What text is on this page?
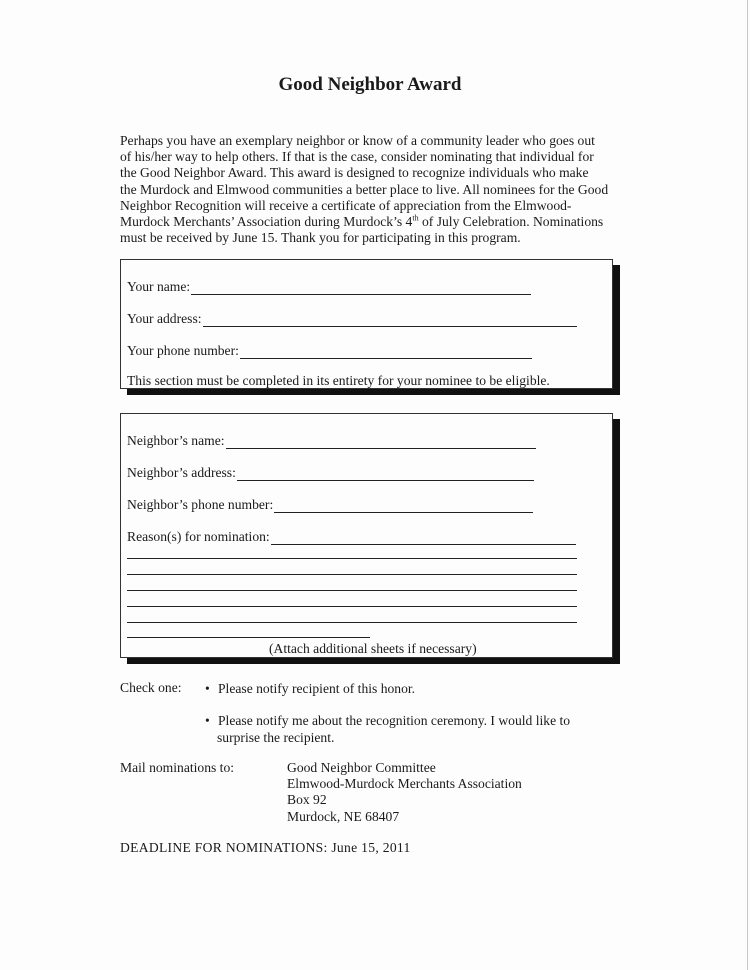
Good Neighbor Award

Perhaps you have an exemplary neighbor or know of a community leader who goes out
of his/her way to help others. If that is the case, consider nominating that individual for
the Good Neighbor Award. This award is designed to recognize individuals who make
the Murdock and Elmwood communities a better place to live. All nominees for the Good
Neighbor Recognition will receive a certificate of appreciation from the Elmwood-
Murdock Merchants’ Association during Murdock’s 4th of July Celebration. Nominations
must be received by June 15. Thank you for participating in this program.

Your name:
Your address:
Your phone number:
This section must be completed in its entirety for your nominee to be eligible.
Neighbor’s name:
Neighbor’s address:
Neighbor’s phone number:
Reason(s) for nomination:
(Attach additional sheets if necessary)
Check one: • Please notify recipient of this honor.
• Please notify me about the recognition ceremony. I would like to
surprise the recipient.
Mail nominations to:	Good Neighbor Committee
Elmwood-Murdock Merchants Association
Box 92
Murdock, NE 68407
DEADLINE FOR NOMINATIONS: June 15, 2011
